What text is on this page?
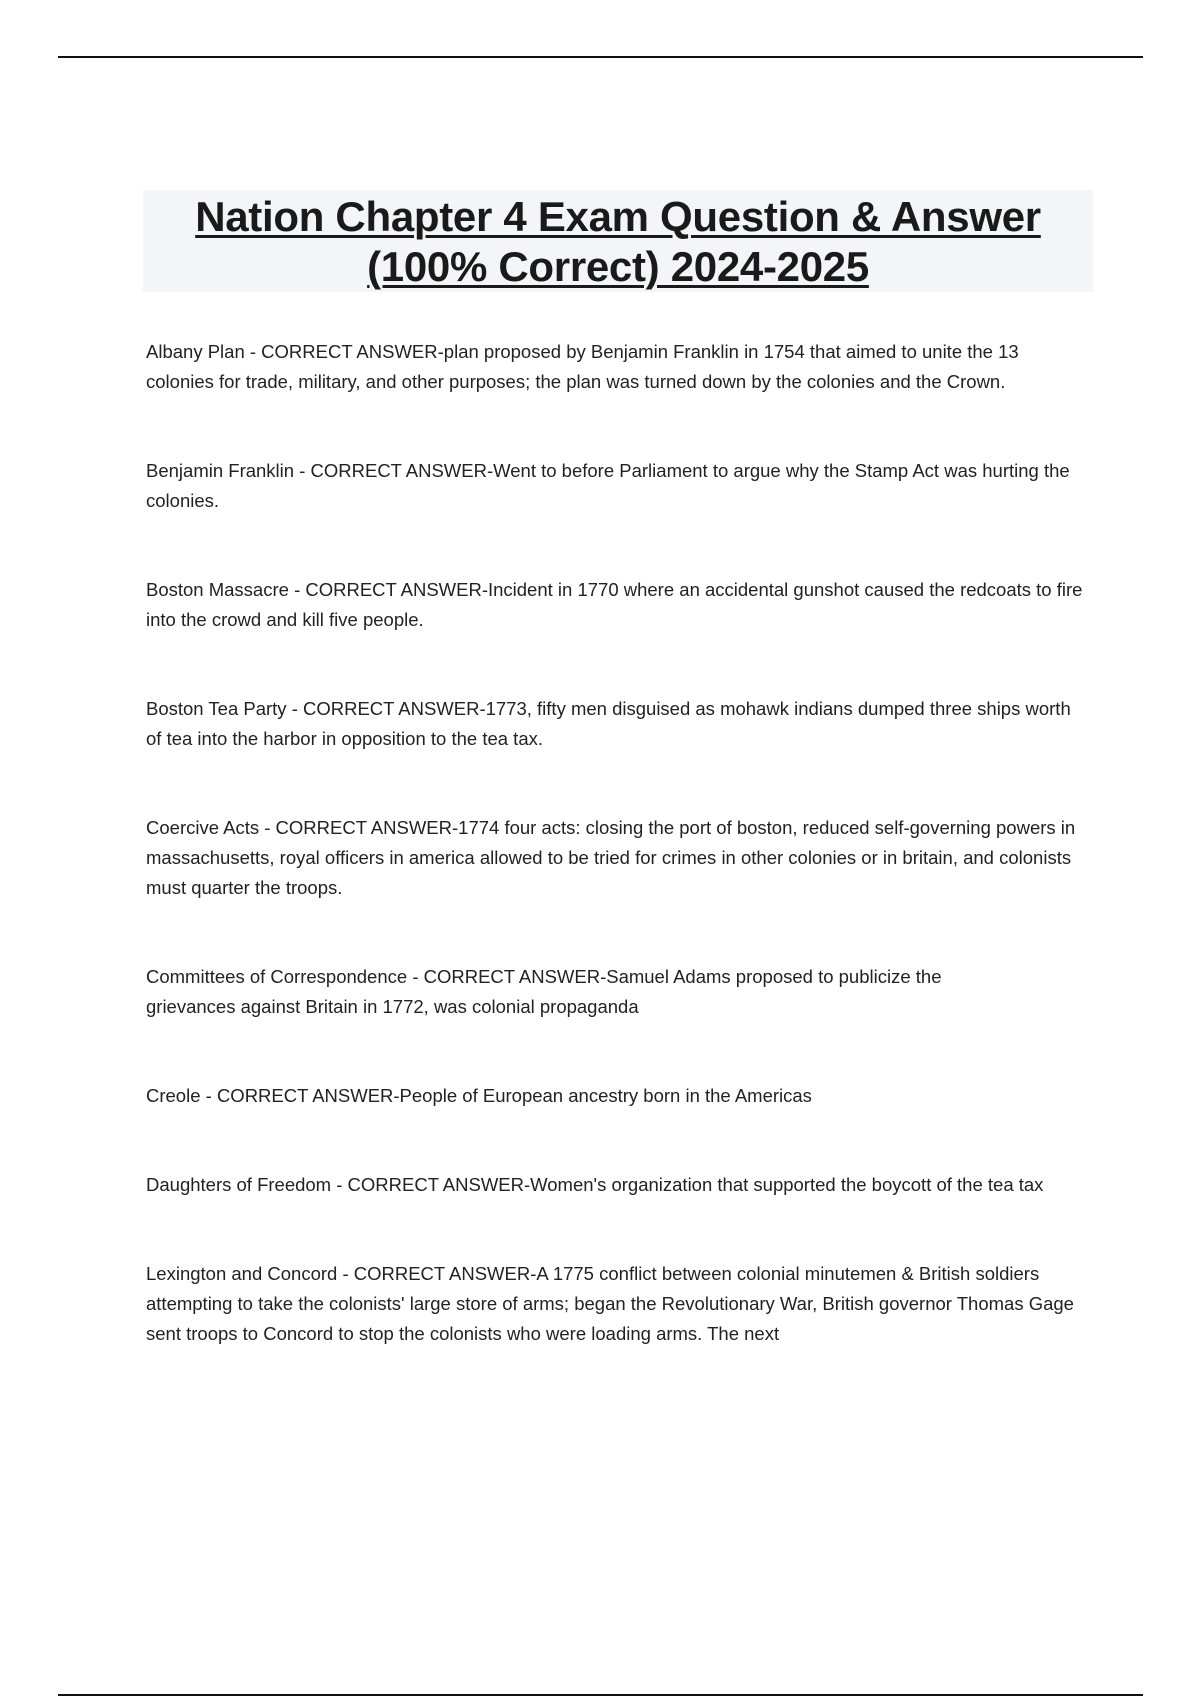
Nation Chapter 4 Exam Question & Answer
(100% Correct) 2024-2025

Albany Plan - CORRECT ANSWER-plan proposed by Benjamin Franklin in 1754 that aimed to unite the 13 colonies for trade, military, and other purposes; the plan was turned down by the colonies and the Crown.

Benjamin Franklin - CORRECT ANSWER-Went to before Parliament to argue why the Stamp Act was hurting the colonies.

Boston Massacre - CORRECT ANSWER-Incident in 1770 where an accidental gunshot caused the redcoats to fire into the crowd and kill five people.

Boston Tea Party - CORRECT ANSWER-1773, fifty men disguised as mohawk indians dumped three ships worth of tea into the harbor in opposition to the tea tax.

Coercive Acts - CORRECT ANSWER-1774 four acts: closing the port of boston, reduced self-governing powers in massachusetts, royal officers in america allowed to be tried for crimes in other colonies or in britain, and colonists must quarter the troops.

Committees of Correspondence - CORRECT ANSWER-Samuel Adams proposed to publicize the grievances against Britain in 1772, was colonial propaganda

Creole - CORRECT ANSWER-People of European ancestry born in the Americas

Daughters of Freedom - CORRECT ANSWER-Women's organization that supported the boycott of the tea tax

Lexington and Concord - CORRECT ANSWER-A 1775 conflict between colonial minutemen & British soldiers attempting to take the colonists' large store of arms; began the Revolutionary War, British governor Thomas Gage sent troops to Concord to stop the colonists who were loading arms. The next
